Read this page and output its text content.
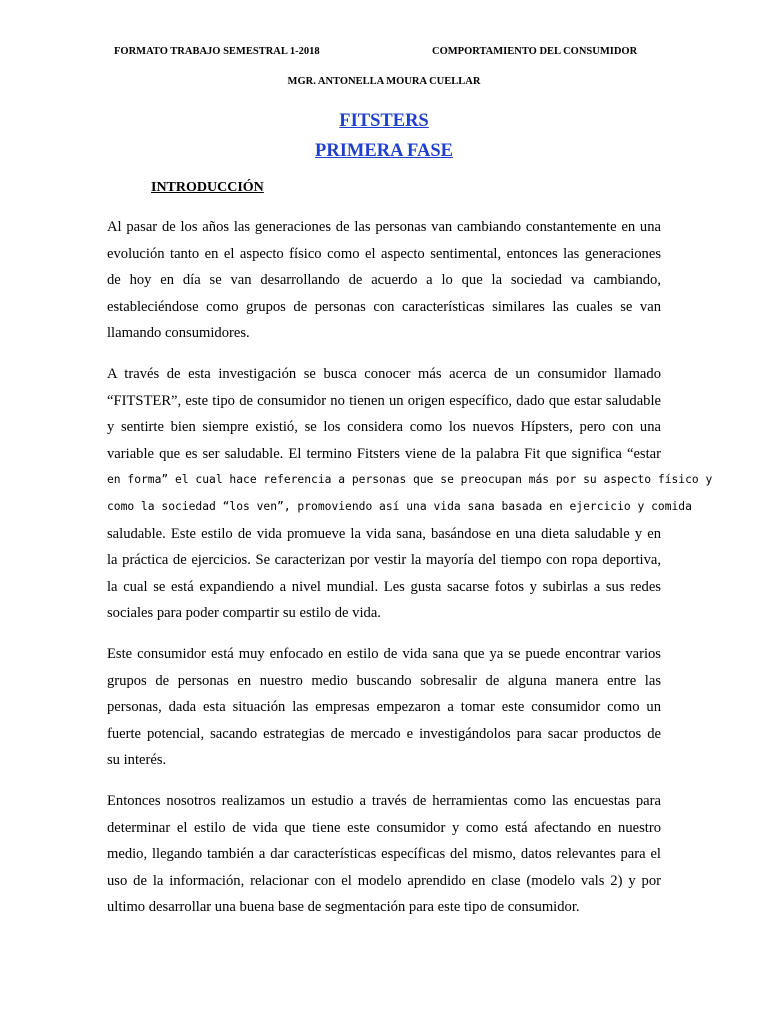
FORMATO TRABAJO SEMESTRAL 1-2018	COMPORTAMIENTO DEL CONSUMIDOR
MGR. ANTONELLA MOURA CUELLAR
FITSTERS
PRIMERA FASE
INTRODUCCIÓN
Al pasar de los años las generaciones de las personas van cambiando constantemente en una
evolución tanto en el aspecto físico como el aspecto sentimental, entonces las generaciones
de hoy en día se van desarrollando de acuerdo a lo que la sociedad va cambiando,
estableciéndose como grupos de personas con características similares las cuales se van
llamando consumidores.
A través de esta investigación se busca conocer más acerca de un consumidor llamado
“FITSTER”, este tipo de consumidor no tienen un origen específico, dado que estar saludable
y sentirte bien siempre existió, se los considera como los nuevos Hípsters, pero con una
variable que es ser saludable. El termino Fitsters viene de la palabra Fit que significa “estar
en forma” el cual hace referencia a personas que se preocupan más por su aspecto físico y
como la sociedad “los ven”, promoviendo así una vida sana basada en ejercicio y comida
saludable. Este estilo de vida promueve la vida sana, basándose en una dieta saludable y en
la práctica de ejercicios. Se caracterizan por vestir la mayoría del tiempo con ropa deportiva,
la cual se está expandiendo a nivel mundial. Les gusta sacarse fotos y subirlas a sus redes
sociales para poder compartir su estilo de vida.
Este consumidor está muy enfocado en estilo de vida sana que ya se puede encontrar varios
grupos de personas en nuestro medio buscando sobresalir de alguna manera entre las
personas, dada esta situación las empresas empezaron a tomar este consumidor como un
fuerte potencial, sacando estrategias de mercado e investigándolos para sacar productos de
su interés.
Entonces nosotros realizamos un estudio a través de herramientas como las encuestas para
determinar el estilo de vida que tiene este consumidor y como está afectando en nuestro
medio, llegando también a dar características específicas del mismo, datos relevantes para el
uso de la información, relacionar con el modelo aprendido en clase (modelo vals 2) y por
ultimo desarrollar una buena base de segmentación para este tipo de consumidor.
